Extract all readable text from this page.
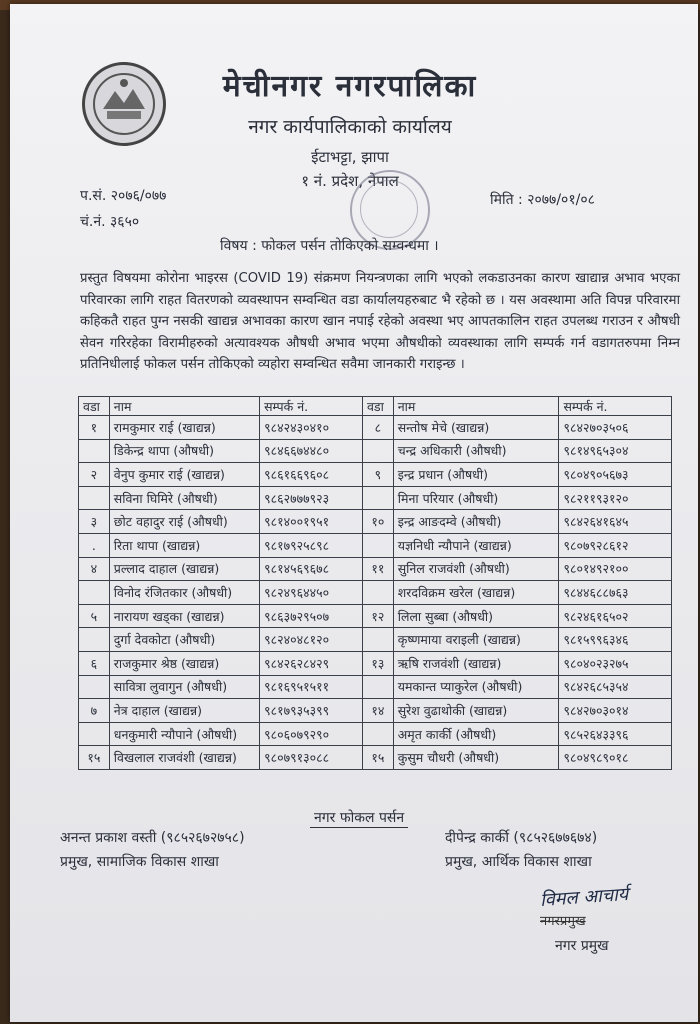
मेचीनगर नगरपालिका
नगर कार्यपालिकाको कार्यालय
ईटाभट्टा, झापा
१ नं. प्रदेश, नेपाल
प.सं. २०७६/०७७
चं.नं. ३६५०
मिति : २०७७/०१/०८
विषय : फोकल पर्सन तोकिएको सम्वन्धमा ।
प्रस्तुत विषयमा कोरोना भाइरस (COVID 19) संक्रमण नियन्त्रणका लागि भएको लकडाउनका कारण खाद्यान्न अभाव भएका परिवारका लागि राहत वितरणको व्यवस्थापन सम्वन्धित वडा कार्यालयहरुबाट भै रहेको छ । यस अवस्थामा अति विपन्न परिवारमा कहिकतै राहत पुग्न नसकी खाद्यन्न अभावका कारण खान नपाई रहेको अवस्था भए आपतकालिन राहत उपलब्ध गराउन र औषधी सेवन गरिरहेका विरामीहरुको अत्यावश्यक औषधी अभाव भएमा औषधीको व्यवस्थाका लागि सम्पर्क गर्न वडागतरुपमा निम्न प्रतिनिधीलाई फोकल पर्सन तोकिएको व्यहोरा सम्वन्धित सवैमा जानकारी गराइन्छ ।
वडा	नाम	सम्पर्क नं.	वडा	नाम	सम्पर्क नं.
१	रामकुमार राई (खाद्यन्न)	९८४२४३०४१०	८	सन्तोष मेचे (खाद्यन्न)	९८४२७०३५०६
	डिकेन्द्र थापा (औषधी)	९८४६६७४४८०		चन्द्र अधिकारी (औषधी)	९८१४९६५३०४
२	वेनुप कुमार राई (खाद्यन्न)	९८६१६६९६०८	९	इन्द्र प्रधान (औषधी)	९८०४९०५६७३
	सविना घिमिरे (औषधी)	९८६२७७७९२३		मिना परियार (औषधी)	९८२११९३१२०
३	छोट वहादुर राई (औषधी)	९८१४००१९५१	१०	इन्द्र आङदम्वे (औषधी)	९८४२६४१६४५
.	रिता थापा (खाद्यन्न)	९८१७९२५८९८		यज्ञनिधी न्यौपाने (खाद्यन्न)	९८०७९२८६१२
४	प्रल्लाद दाहाल (खाद्यन्न)	९८१४५६९६७८	११	सुनिल राजवंशी (औषधी)	९८०१४९२१००
	विनोद रंजितकार (औषधी)	९८२४९६४४५०		शरदविक्रम खरेल (खाद्यन्न)	९८४४६८८७६३
५	नारायण खड्का (खाद्यन्न)	९८६३७२९५०७	१२	लिला सुब्बा (औषधी)	९८२४६१६५०२
	दुर्गा देवकोटा (औषधी)	९८२४०४८१२०		कृष्णमाया वराइली (खाद्यन्न)	९८१५९९६३४६
६	राजकुमार श्रेष्ठ (खाद्यन्न)	९८४२६२८४२९	१३	ऋषि राजवंशी (खाद्यन्न)	९८०४०२३२७५
	सावित्रा लुवागुन (औषधी)	९८१६९५१५११		यमकान्त प्याकुरेल (औषधी)	९८४२६८५३५४
७	नेत्र दाहाल (खाद्यन्न)	९८१७९३५३९९	१४	सुरेश वुढाथोकी (खाद्यन्न)	९८४२७०३०१४
	धनकुमारी न्यौपाने (औषधी)	९८०६०७९२९०		अमृत कार्की (औषधी)	९८५२६४३३९६
१५	विखलाल राजवंशी (खाद्यन्न)	९८०७९१३०८८	१५	कुसुम चौधरी (औषधी)	९८०४९८९०१८
नगर फोकल पर्सन
अनन्त प्रकाश वस्ती (९८५२६७२७५८)
प्रमुख, सामाजिक विकास शाखा
दीपेन्द्र कार्की (९८५२६७७६७४)
प्रमुख, आर्थिक विकास शाखा
विमल आचार्य
नगरप्रमुख
नगर प्रमुख
